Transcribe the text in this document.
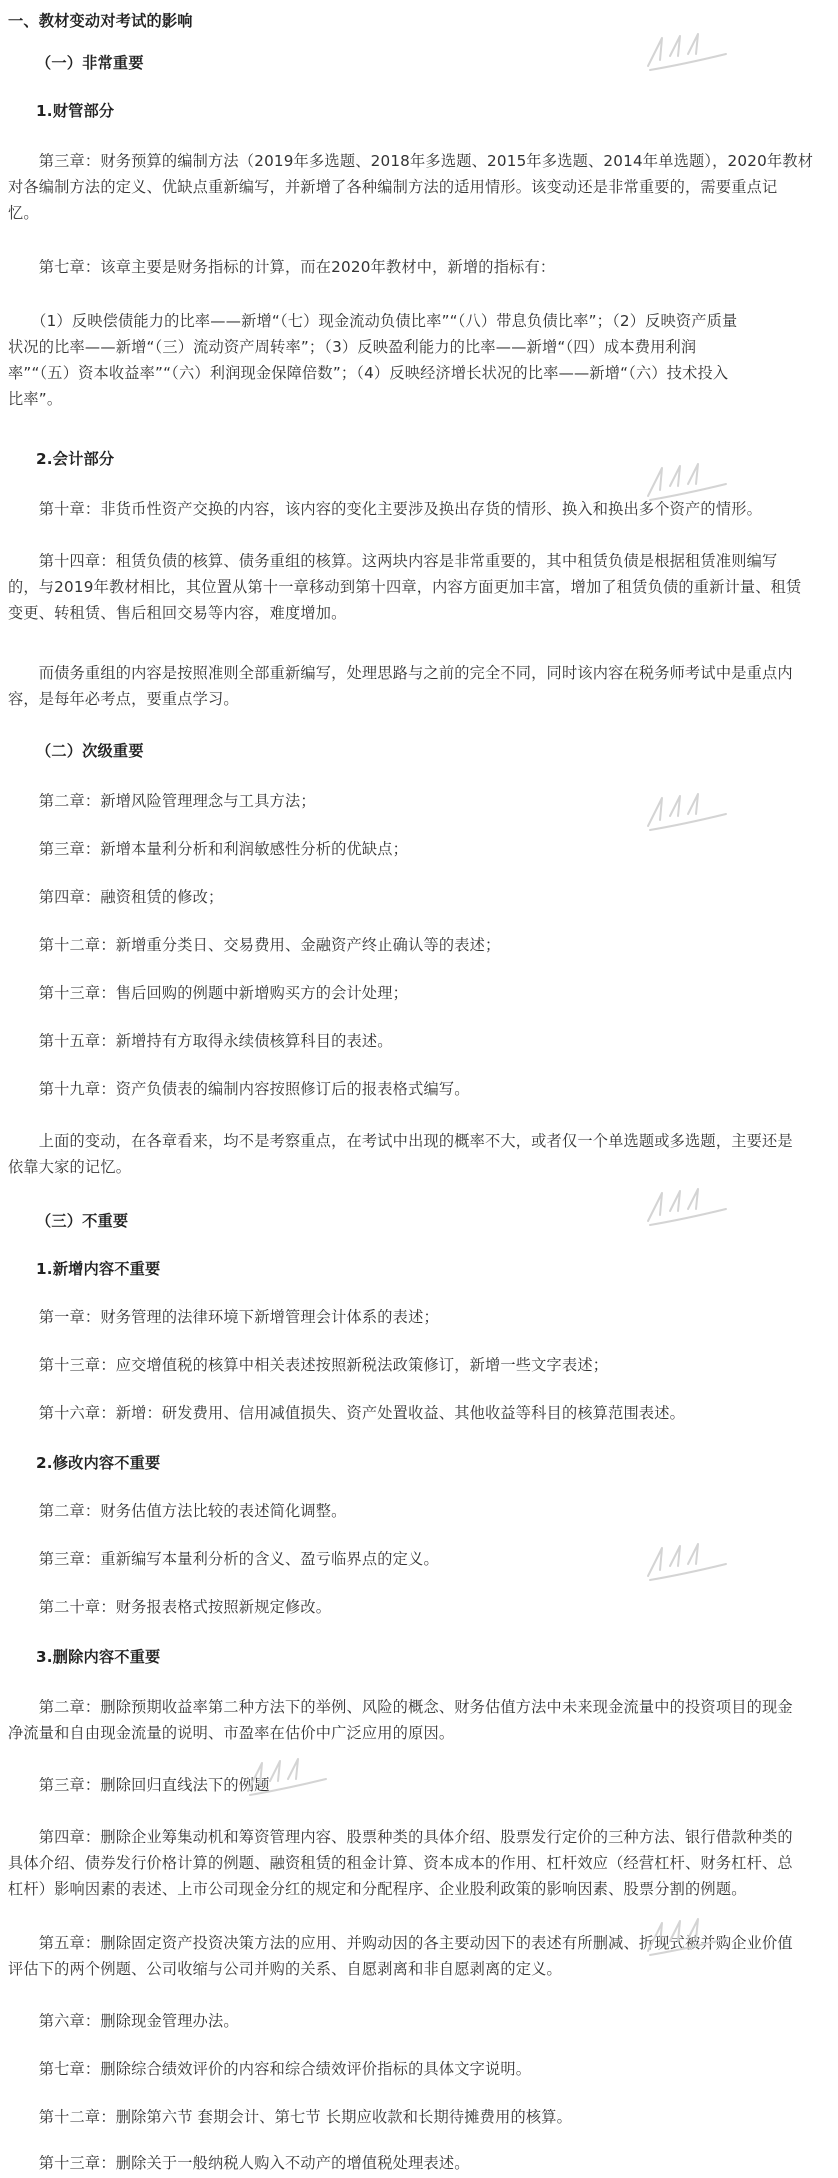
一、教材变动对考试的影响
（一）非常重要
1.财管部分
　　第三章：财务预算的编制方法（2019年多选题、2018年多选题、2015年多选题、2014年单选题），2020年教材
对各编制方法的定义、优缺点重新编写，并新增了各种编制方法的适用情形。该变动还是非常重要的，需要重点记
忆。
　　第七章：该章主要是财务指标的计算，而在2020年教材中，新增的指标有：
　　（1）反映偿债能力的比率——新增“（七）现金流动负债比率”“（八）带息负债比率”；（2）反映资产质量
状况的比率——新增“（三）流动资产周转率”；（3）反映盈利能力的比率——新增“（四）成本费用利润
率”“（五）资本收益率”“（六）利润现金保障倍数”；（4）反映经济增长状况的比率——新增“（六）技术投入
比率”。
2.会计部分
　　第十章：非货币性资产交换的内容，该内容的变化主要涉及换出存货的情形、换入和换出多个资产的情形。
　　第十四章：租赁负债的核算、债务重组的核算。这两块内容是非常重要的，其中租赁负债是根据租赁准则编写
的，与2019年教材相比，其位置从第十一章移动到第十四章，内容方面更加丰富，增加了租赁负债的重新计量、租赁
变更、转租赁、售后租回交易等内容，难度增加。
　　而债务重组的内容是按照准则全部重新编写，处理思路与之前的完全不同，同时该内容在税务师考试中是重点内
容，是每年必考点，要重点学习。
（二）次级重要
　　第二章：新增风险管理理念与工具方法；
　　第三章：新增本量利分析和利润敏感性分析的优缺点；
　　第四章：融资租赁的修改；
　　第十二章：新增重分类日、交易费用、金融资产终止确认等的表述；
　　第十三章：售后回购的例题中新增购买方的会计处理；
　　第十五章：新增持有方取得永续债核算科目的表述。
　　第十九章：资产负债表的编制内容按照修订后的报表格式编写。
　　上面的变动，在各章看来，均不是考察重点，在考试中出现的概率不大，或者仅一个单选题或多选题，主要还是
依靠大家的记忆。
（三）不重要
1.新增内容不重要
　　第一章：财务管理的法律环境下新增管理会计体系的表述；
　　第十三章：应交增值税的核算中相关表述按照新税法政策修订，新增一些文字表述；
　　第十六章：新增：研发费用、信用减值损失、资产处置收益、其他收益等科目的核算范围表述。
2.修改内容不重要
　　第二章：财务估值方法比较的表述简化调整。
　　第三章：重新编写本量利分析的含义、盈亏临界点的定义。
　　第二十章：财务报表格式按照新规定修改。
3.删除内容不重要
　　第二章：删除预期收益率第二种方法下的举例、风险的概念、财务估值方法中未来现金流量中的投资项目的现金
净流量和自由现金流量的说明、市盈率在估价中广泛应用的原因。
　　第三章：删除回归直线法下的例题
　　第四章：删除企业筹集动机和筹资管理内容、股票种类的具体介绍、股票发行定价的三种方法、银行借款种类的
具体介绍、债券发行价格计算的例题、融资租赁的租金计算、资本成本的作用、杠杆效应（经营杠杆、财务杠杆、总
杠杆）影响因素的表述、上市公司现金分红的规定和分配程序、企业股利政策的影响因素、股票分割的例题。
　　第五章：删除固定资产投资决策方法的应用、并购动因的各主要动因下的表述有所删减、折现式被并购企业价值
评估下的两个例题、公司收缩与公司并购的关系、自愿剥离和非自愿剥离的定义。
　　第六章：删除现金管理办法。
　　第七章：删除综合绩效评价的内容和综合绩效评价指标的具体文字说明。
　　第十二章：删除第六节 套期会计、第七节 长期应收款和长期待摊费用的核算。
　　第十三章：删除关于一般纳税人购入不动产的增值税处理表述。
